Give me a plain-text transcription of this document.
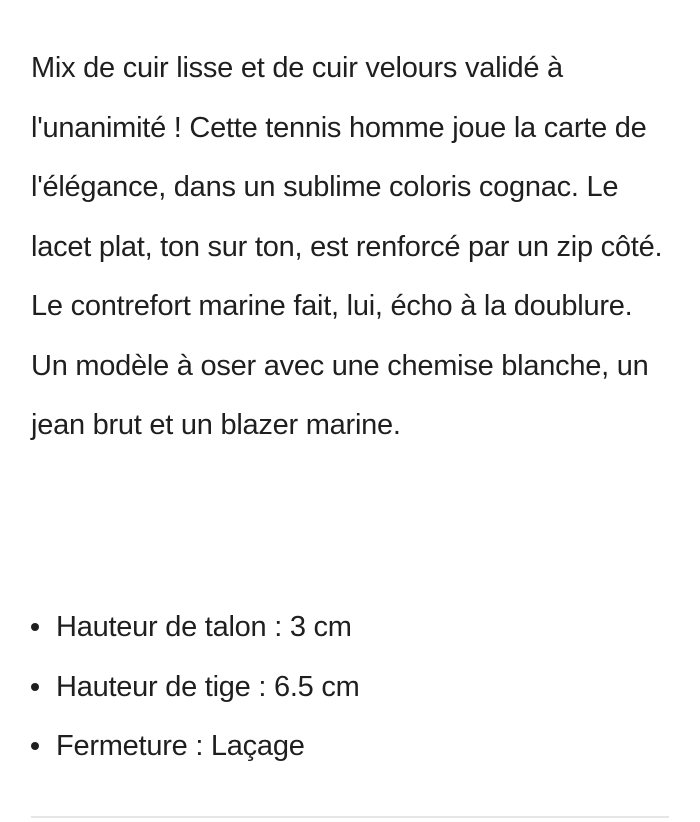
Mix de cuir lisse et de cuir velours validé à l'unanimité ! Cette tennis homme joue la carte de l'élégance, dans un sublime coloris cognac. Le lacet plat, ton sur ton, est renforcé par un zip côté. Le contrefort marine fait, lui, écho à la doublure. Un modèle à oser avec une chemise blanche, un jean brut et un blazer marine.

Hauteur de talon : 3 cm
Hauteur de tige : 6.5 cm
Fermeture : Laçage
